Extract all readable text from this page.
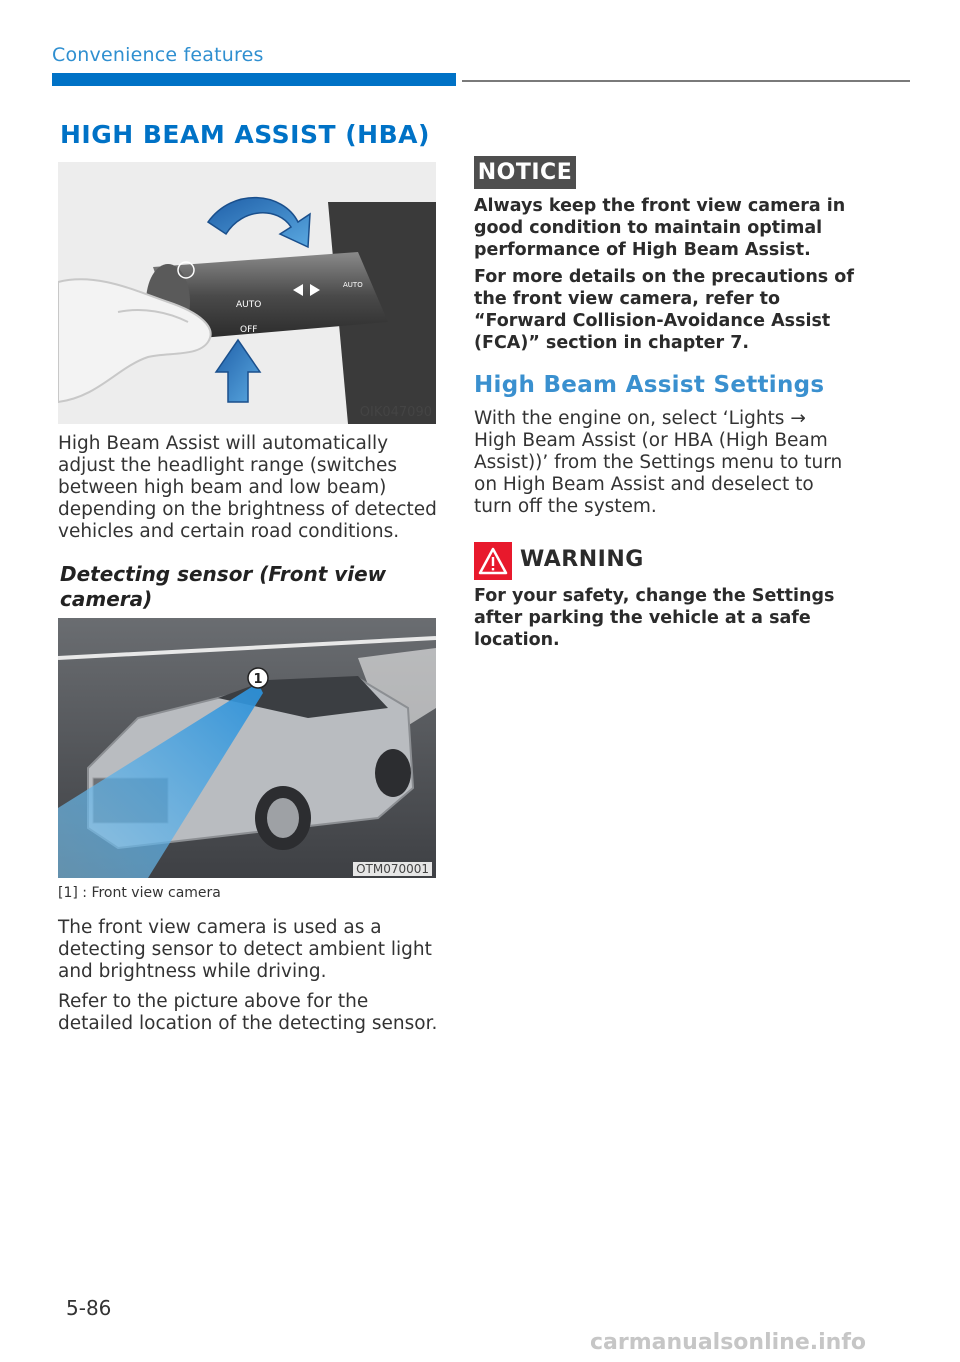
Convenience features
HIGH BEAM ASSIST (HBA)
AUTO
OFF
AUTO
OIK047090
High Beam Assist will automatically adjust the headlight range (switches between high beam and low beam) depending on the brightness of detected vehicles and certain road conditions.
Detecting sensor (Front view camera)
1
OTM070001
[1] : Front view camera
The front view camera is used as a detecting sensor to detect ambient light and brightness while driving.
Refer to the picture above for the detailed location of the detecting sensor.
NOTICE
Always keep the front view camera in good condition to maintain optimal performance of High Beam Assist.
For more details on the precautions of the front view camera, refer to “Forward Collision-Avoidance Assist (FCA)” section in chapter 7.
High Beam Assist Settings
With the engine on, select ‘Lights → High Beam Assist (or HBA (High Beam Assist))’ from the Settings menu to turn on High Beam Assist and deselect to turn off the system.
WARNING
For your safety, change the Settings after parking the vehicle at a safe location.
5-86
carmanualsonline.info
